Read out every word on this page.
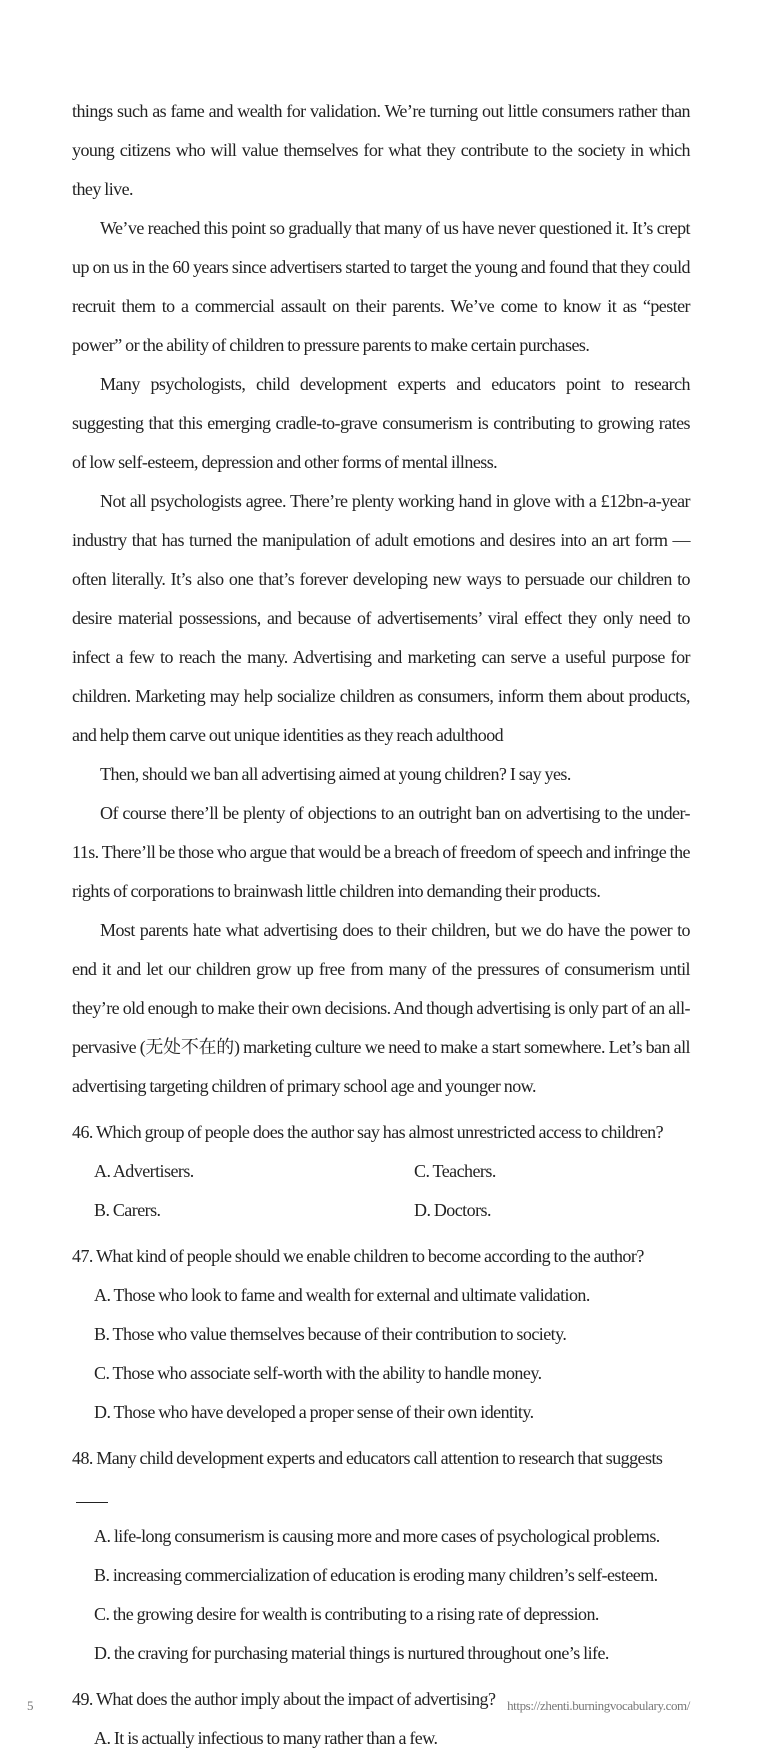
things such as fame and wealth for validation. We’re turning out little consumers rather than young citizens who will value themselves for what they contribute to the society in which they live.

We’ve reached this point so gradually that many of us have never questioned it. It’s crept up on us in the 60 years since advertisers started to target the young and found that they could recruit them to a commercial assault on their parents. We’ve come to know it as “pester power” or the ability of children to pressure parents to make certain purchases.

Many psychologists, child development experts and educators point to research suggesting that this emerging cradle-to-grave consumerism is contributing to growing rates of low self-esteem, depression and other forms of mental illness.

Not all psychologists agree. There’re plenty working hand in glove with a £12bn-a-year industry that has turned the manipulation of adult emotions and desires into an art form — often literally. It’s also one that’s forever developing new ways to persuade our children to desire material possessions, and because of advertisements’ viral effect they only need to infect a few to reach the many. Advertising and marketing can serve a useful purpose for children. Marketing may help socialize children as consumers, inform them about products, and help them carve out unique identities as they reach adulthood

Then, should we ban all advertising aimed at young children? I say yes.

Of course there’ll be plenty of objections to an outright ban on advertising to the under-11s. There’ll be those who argue that would be a breach of freedom of speech and infringe the rights of corporations to brainwash little children into demanding their products.

Most parents hate what advertising does to their children, but we do have the power to end it and let our children grow up free from many of the pressures of consumerism until they’re old enough to make their own decisions. And though advertising is only part of an all-pervasive (无处不在的) marketing culture we need to make a start somewhere. Let’s ban all advertising targeting children of primary school age and younger now.

46. Which group of people does the author say has almost unrestricted access to children?

A. Advertisers.	C. Teachers.

B. Carers.	D. Doctors.

47. What kind of people should we enable children to become according to the author?

A. Those who look to fame and wealth for external and ultimate validation.

B. Those who value themselves because of their contribution to society.

C. Those who associate self-worth with the ability to handle money.

D. Those who have developed a proper sense of their own identity.

48. Many child development experts and educators call attention to research that suggests

A. life-long consumerism is causing more and more cases of psychological problems.

B. increasing commercialization of education is eroding many children’s self-esteem.

C. the growing desire for wealth is contributing to a rising rate of depression.

D. the craving for purchasing material things is nurtured throughout one’s life.

49. What does the author imply about the impact of advertising?

A. It is actually infectious to many rather than a few.

5	https://zhenti.burningvocabulary.com/
